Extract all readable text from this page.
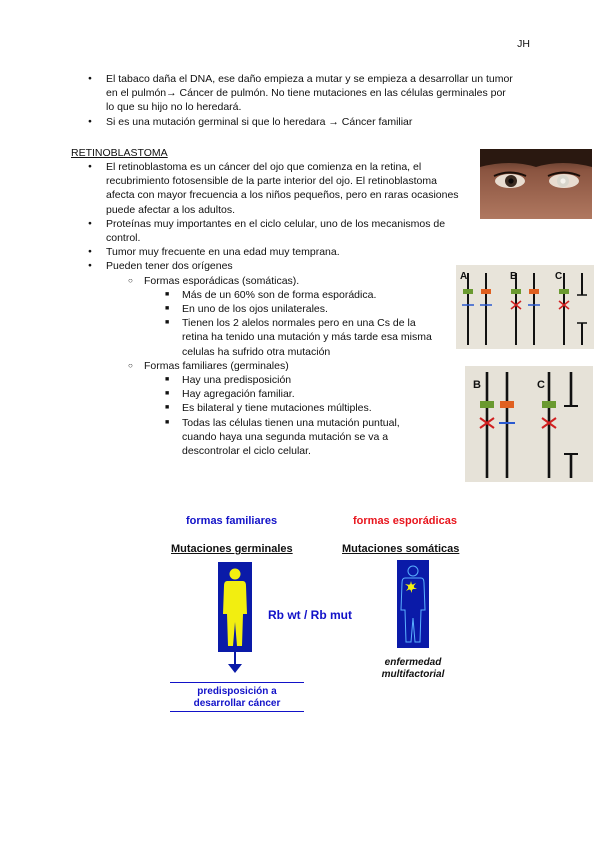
JH
● El tabaco daña el DNA, ese daño empieza a mutar y se empieza a desarrollar un tumor en el pulmón→ Cáncer de pulmón. No tiene mutaciones en las células germinales por lo que su hijo no lo heredará.
● Si es una mutación germinal si que lo heredara → Cáncer familiar
RETINOBLASTOMA
● El retinoblastoma es un cáncer del ojo que comienza en la retina, el recubrimiento fotosensible de la parte interior del ojo. El retinoblastoma afecta con mayor frecuencia a los niños pequeños, pero en raras ocasiones puede afectar a los adultos.
● Proteínas muy importantes en el ciclo celular, uno de los mecanismos de control.
● Tumor muy frecuente en una edad muy temprana.
● Pueden tener dos orígenes
○ Formas esporádicas (somáticas).
■ Más de un 60% son de forma esporádica.
■ En uno de los ojos unilaterales.
■ Tienen los 2 alelos normales pero en una Cs de la retina ha tenido una mutación y más tarde esa misma celulas ha sufrido otra mutación
○ Formas familiares (germinales)
■ Hay una predisposición
■ Hay agregación familiar.
■ Es bilateral y tiene mutaciones múltiples.
■ Todas las células tienen una mutación puntual, cuando haya una segunda mutación se va a descontrolar el ciclo celular.
A	B	C
B	C
formas familiares	formas esporádicas
Mutaciones germinales	Mutaciones somáticas
predisposición a
desarrollar cáncer
Rb wt / Rb mut
enfermedad
multifactorial
